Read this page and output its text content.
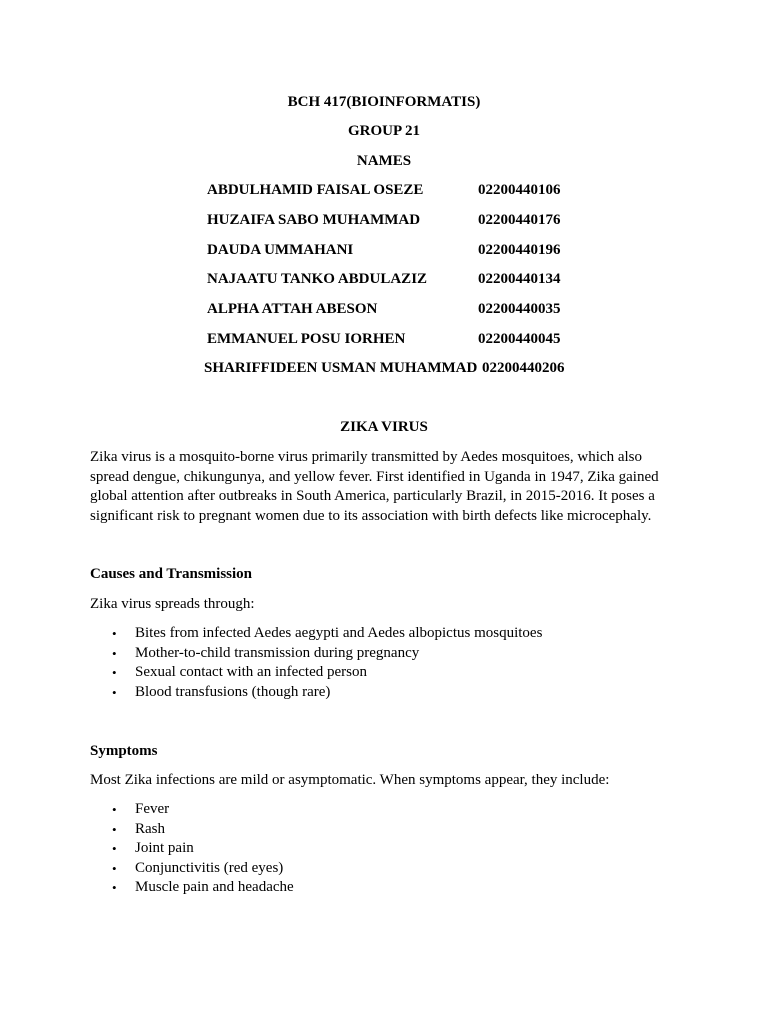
BCH 417(BIOINFORMATIS)
GROUP 21
NAMES
ABDULHAMID FAISAL OSEZE	02200440106
HUZAIFA SABO MUHAMMAD	02200440176
DAUDA UMMAHANI	02200440196
NAJAATU TANKO ABDULAZIZ	02200440134
ALPHA ATTAH ABESON	02200440035
EMMANUEL POSU IORHEN	02200440045
SHARIFFIDEEN USMAN MUHAMMAD 02200440206
ZIKA VIRUS
Zika virus is a mosquito-borne virus primarily transmitted by Aedes mosquitoes, which also spread dengue, chikungunya, and yellow fever. First identified in Uganda in 1947, Zika gained global attention after outbreaks in South America, particularly Brazil, in 2015-2016. It poses a significant risk to pregnant women due to its association with birth defects like microcephaly.
Causes and Transmission
Zika virus spreads through:
• Bites from infected Aedes aegypti and Aedes albopictus mosquitoes
• Mother-to-child transmission during pregnancy
• Sexual contact with an infected person
• Blood transfusions (though rare)
Symptoms
Most Zika infections are mild or asymptomatic. When symptoms appear, they include:
• Fever
• Rash
• Joint pain
• Conjunctivitis (red eyes)
• Muscle pain and headache
